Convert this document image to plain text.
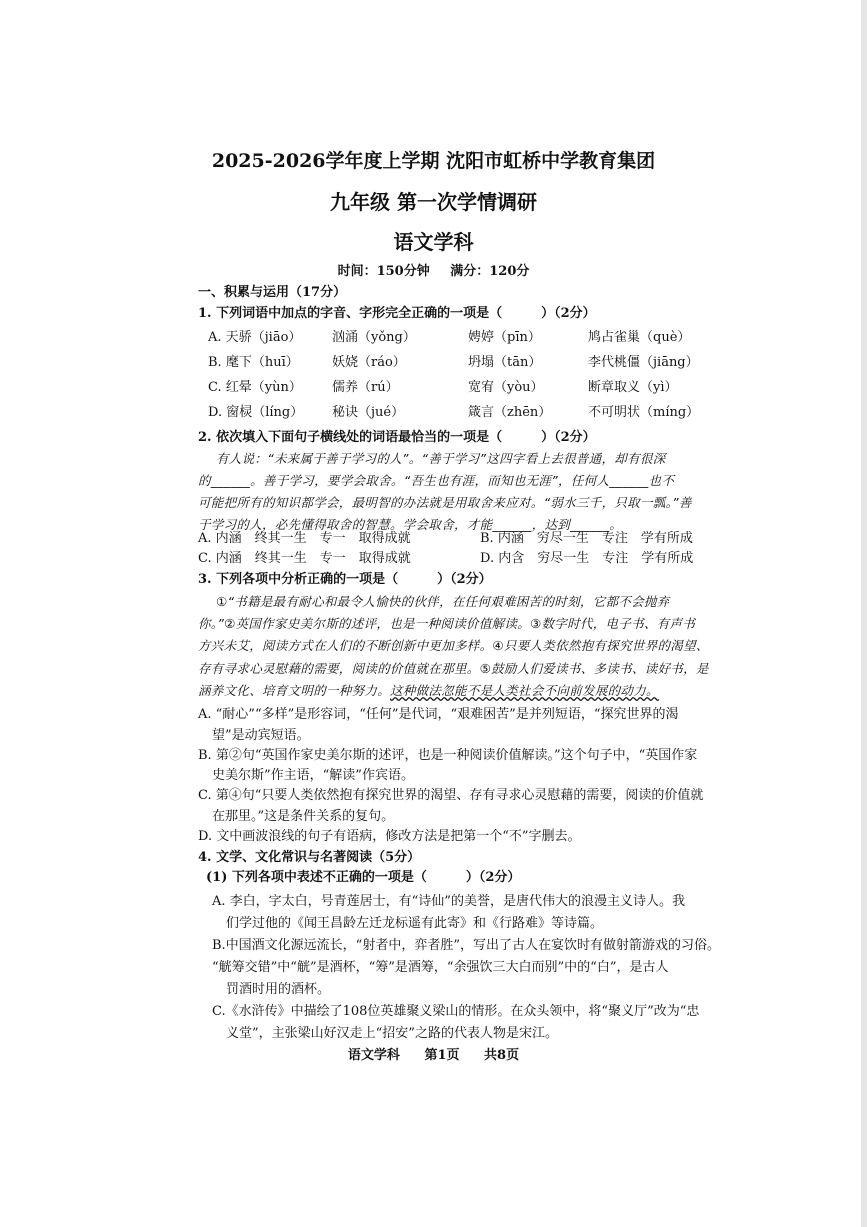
2025-2026学年度上学期 沈阳市虹桥中学教育集团
九年级 第一次学情调研
语文学科
时间：150分钟 满分：120分
一、积累与运用（17分）
1. 下列词语中加点的字音、字形完全正确的一项是（　　　）（2分）
A. 天骄（jiāo）	汹涌（yǒng）	娉婷（pīn）	鸠占雀巢（què）
B. 麾下（huī）	妖娆（ráo）	坍塌（tān）	李代桃僵（jiāng）
C. 红晕（yùn）	儒养（rú）	宽宥（yòu）	断章取义（yì）
D. 窗棂（líng）	秘诀（jué）	箴言（zhēn）	不可明状（míng）
2. 依次填入下面句子横线处的词语最恰当的一项是（　　　）（2分）
有人说：“未来属于善于学习的人”。“善于学习”这四字看上去很普通，却有很深
的______。善于学习，要学会取舍。“吾生也有涯，而知也无涯”，任何人______也不
可能把所有的知识都学会，最明智的办法就是用取舍来应对。“弱水三千，只取一瓢。”善
于学习的人，必先懂得取舍的智慧。学会取舍，才能______，达到______。
A. 内涵　终其一生　专一　取得成就	B. 内涵　穷尽一生　专注　学有所成
C. 内涵　终其一生　专一　取得成就	D. 内含　穷尽一生　专注　学有所成
3. 下列各项中分析正确的一项是（　　　）（2分）
①“书籍是最有耐心和最令人愉快的伙伴，在任何艰难困苦的时刻，它都不会抛弃
你。”②英国作家史美尔斯的述评，也是一种阅读价值解读。③数字时代，电子书、有声书
方兴未艾，阅读方式在人们的不断创新中更加多样。④只要人类依然抱有探究世界的渴望、
存有寻求心灵慰藉的需要，阅读的价值就在那里。⑤鼓励人们爱读书、多读书、读好书，是
涵养文化、培育文明的一种努力。这种做法忽能不是人类社会不向前发展的动力。
A. “耐心”“多样”是形容词，“任何”是代词，“艰难困苦”是并列短语，“探究世界的渴
望”是动宾短语。
B. 第②句“英国作家史美尔斯的述评，也是一种阅读价值解读。”这个句子中，“英国作家
史美尔斯”作主语，“解读”作宾语。
C. 第④句“只要人类依然抱有探究世界的渴望、存有寻求心灵慰藉的需要，阅读的价值就
在那里。”这是条件关系的复句。
D. 文中画波浪线的句子有语病，修改方法是把第一个“不”字删去。
4. 文学、文化常识与名著阅读（5分）
(1) 下列各项中表述不正确的一项是（　　　）（2分）
A. 李白，字太白，号青莲居士，有“诗仙”的美誉，是唐代伟大的浪漫主义诗人。我
们学过他的《闻王昌龄左迁龙标遥有此寄》和《行路难》等诗篇。
B.中国酒文化源远流长，“射者中，弈者胜”，写出了古人在宴饮时有做射箭游戏的习俗。
“觥筹交错”中“觥”是酒杯，“筹”是酒筹，“余强饮三大白而别”中的“白”，是古人
罚酒时用的酒杯。
C.《水浒传》中描绘了108位英雄聚义梁山的情形。在众头领中，将“聚义厅”改为“忠
义堂”，主张梁山好汉走上“招安”之路的代表人物是宋江。
语文学科 第1页 共8页
